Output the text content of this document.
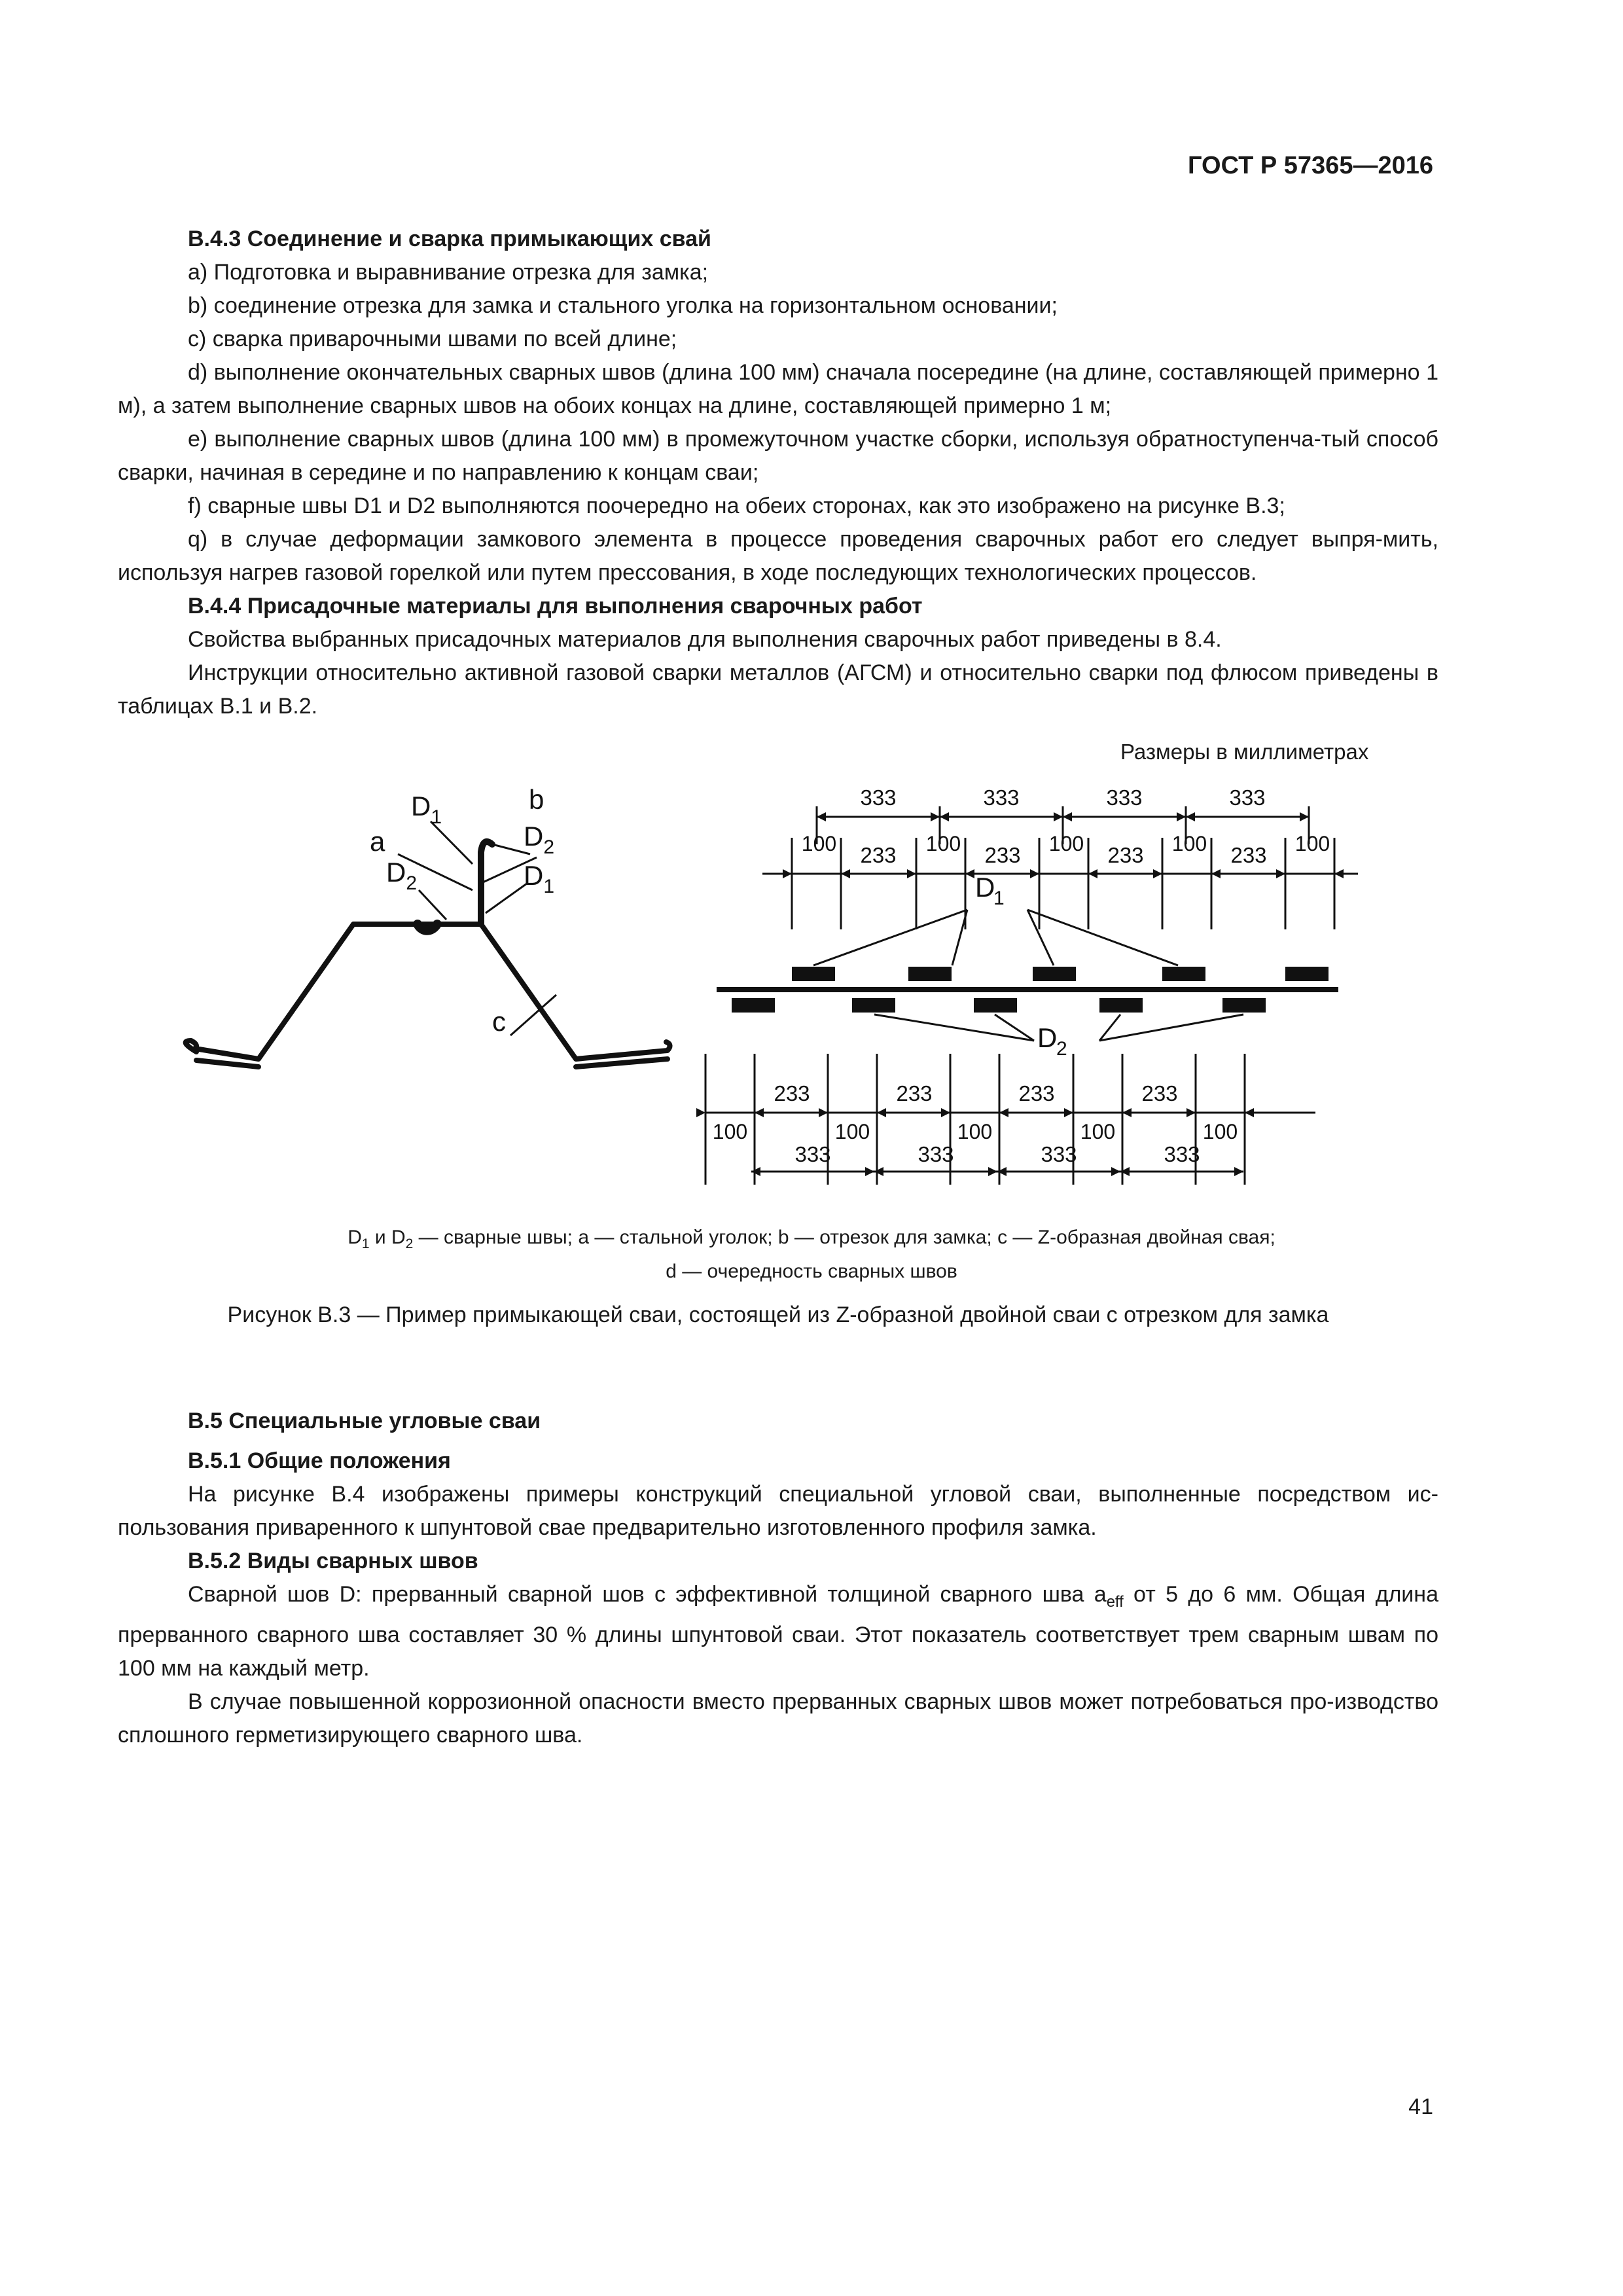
ГОСТ Р 57365—2016
В.4.3 Соединение и сварка примыкающих свай

a) Подготовка и выравнивание отрезка для замка;

b) соединение отрезка для замка и стального уголка на горизонтальном основании;

c) сварка приварочными швами по всей длине;

d) выполнение окончательных сварных швов (длина 100 мм) сначала посередине (на длине, составляющей примерно 1 м), а затем выполнение сварных швов на обоих концах на длине, составляющей примерно 1 м;

e) выполнение сварных швов (длина 100 мм) в промежуточном участке сборки, используя обратноступенча-тый способ сварки, начиная в середине и по направлению к концам сваи;

f) сварные швы D1 и D2 выполняются поочередно на обеих сторонах, как это изображено на рисунке В.3;

q) в случае деформации замкового элемента в процессе проведения сварочных работ его следует выпря-мить, используя нагрев газовой горелкой или путем прессования, в ходе последующих технологических процессов.

В.4.4 Присадочные материалы для выполнения сварочных работ

Свойства выбранных присадочных материалов для выполнения сварочных работ приведены в 8.4.

Инструкции относительно активной газовой сварки металлов (АГСМ) и относительно сварки под флюсом приведены в таблицах В.1 и В.2.

Размеры в миллиметрах
$D_1$
a
$D_2$
b
$D_2$
$D_1$
c
333	333	333	333
100 233 100 233 100 233 100 233 100
D
1
D
2
100
233
100
233
100
233
100
233
100
333	333	333	333
$D_1$ и $D_2$ — сварные швы; a — стальной уголок; b — отрезок для замка; c — Z-образная двойная свая;
d — очередность сварных швов
Рисунок В.3 — Пример примыкающей сваи, состоящей из Z-образной двойной сваи с отрезком для замка
В.5 Специальные угловые сваи
В.5.1 Общие положения

На рисунке В.4 изображены примеры конструкций специальной угловой сваи, выполненные посредством ис-пользования приваренного к шпунтовой свае предварительно изготовленного профиля замка.

В.5.2 Виды сварных швов

Сварной шов D: прерванный сварной шов с эффективной толщиной сварного шва $a_{eff}$ от 5 до 6 мм. Общая длина прерванного сварного шва составляет 30 % длины шпунтовой сваи. Этот показатель соответствует трем сварным швам по 100 мм на каждый метр.

В случае повышенной коррозионной опасности вместо прерванных сварных швов может потребоваться про-изводство сплошного герметизирующего сварного шва.

41
